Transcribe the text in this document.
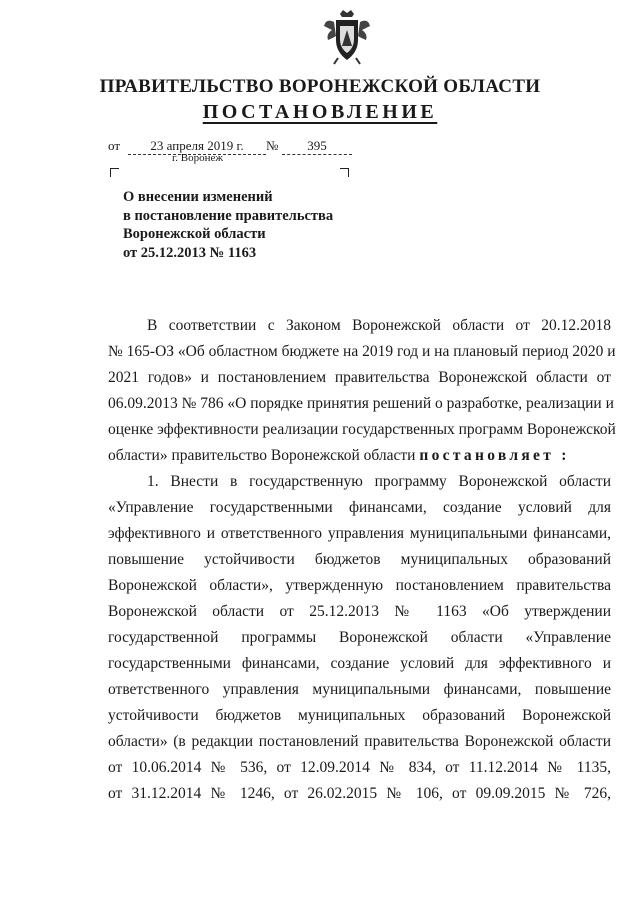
ПРАВИТЕЛЬСТВО ВОРОНЕЖСКОЙ ОБЛАСТИ
ПОСТАНОВЛЕНИЕ
от	23 апреля 2019 г.	№	395
г. Воронеж
О внесении изменений
в постановление правительства
Воронежской области
от 25.12.2013 № 1163
В соответствии с Законом Воронежской области от 20.12.2018
№ 165-ОЗ «Об областном бюджете на 2019 год и на плановый период 2020 и
2021 годов» и постановлением правительства Воронежской области от
06.09.2013 № 786 «О порядке принятия решений о разработке, реализации и
оценке эффективности реализации государственных программ Воронежской
области» правительство Воронежской области постановляет :
1. Внести в государственную программу Воронежской области
«Управление государственными финансами, создание условий для
эффективного и ответственного управления муниципальными финансами,
повышение устойчивости бюджетов муниципальных образований
Воронежской области», утвержденную постановлением правительства
Воронежской области от 25.12.2013 № 1163 «Об утверждении
государственной программы Воронежской области «Управление
государственными финансами, создание условий для эффективного и
ответственного управления муниципальными финансами, повышение
устойчивости бюджетов муниципальных образований Воронежской
области» (в редакции постановлений правительства Воронежской области
от 10.06.2014 № 536, от 12.09.2014 № 834, от 11.12.2014 № 1135,
от 31.12.2014 № 1246, от 26.02.2015 № 106, от 09.09.2015 № 726,
